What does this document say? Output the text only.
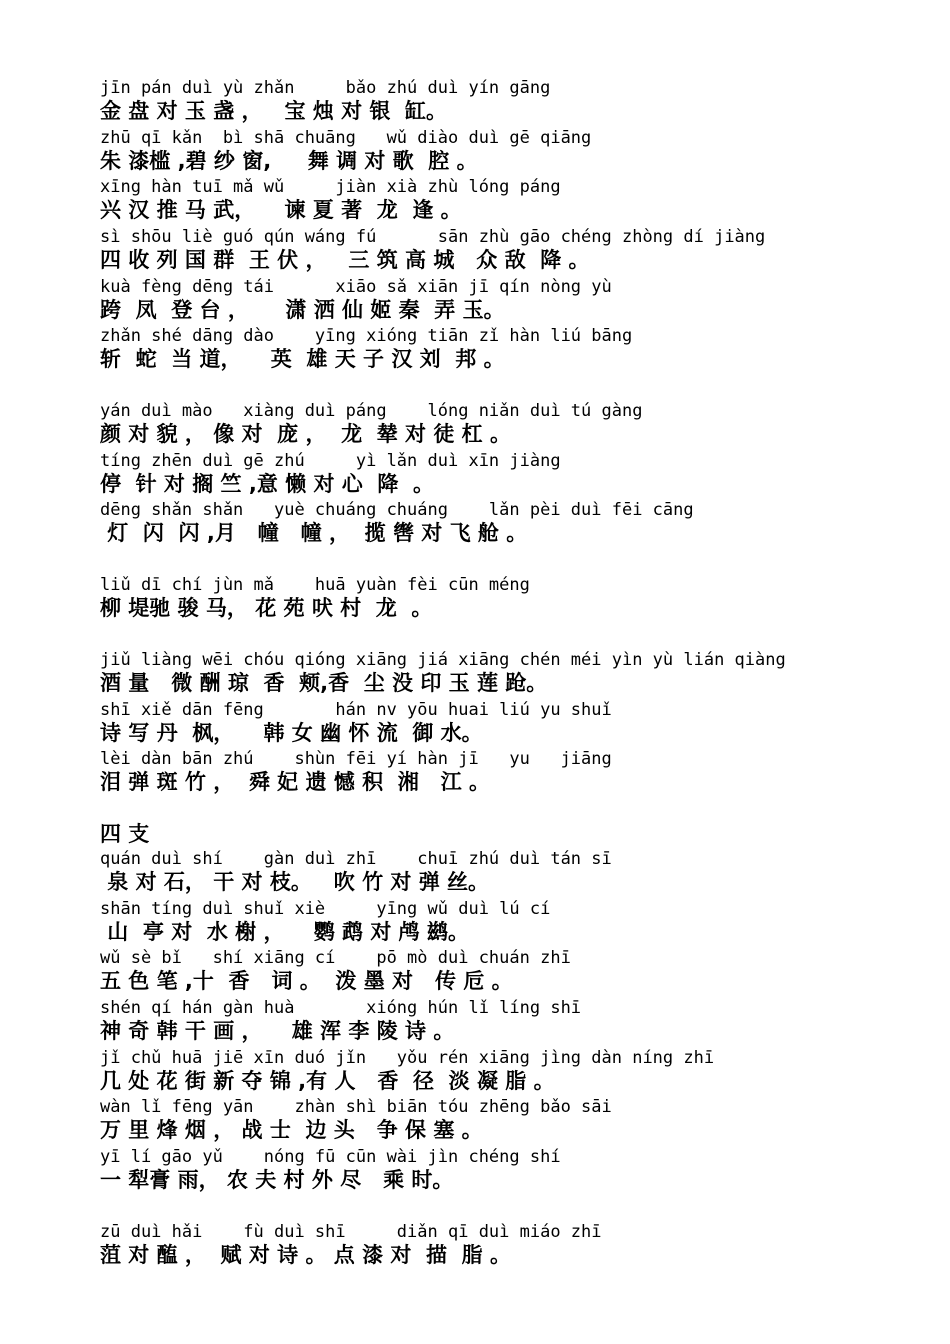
jīn pán duì yù zhǎn     bǎo zhú duì yín gāng
金 盘 对 玉 盏 ，   宝 烛 对 银  缸。
zhū qī kǎn  bì shā chuāng   wǔ diào duì gē qiāng
朱 漆槛 ,碧 纱 窗,     舞 调 对 歌  腔 。
xīng hàn tuī mǎ wǔ     jiàn xià zhù lóng páng
兴 汉 推 马 武，    谏 夏 著  龙  逢 。
sì shōu liè guó qún wáng fú      sān zhù gāo chéng zhòng dí jiàng
四 收 列 国 群  王 伏 ，   三 筑 高 城   众 敌  降 。
kuà fèng dēng tái      xiāo sǎ xiān jī qín nòng yù
跨  凤  登 台 ，     潇 洒 仙 姬 秦  弄 玉。
zhǎn shé dāng dào    yīng xióng tiān zǐ hàn liú bāng
斩  蛇  当 道，    英  雄 天 子 汉 刘  邦 。
yán duì mào   xiàng duì páng    lóng niǎn duì tú gàng
颜 对 貌 ， 像 对  庞 ，  龙  辇 对 徒 杠 。
tíng zhēn duì gē zhú     yì lǎn duì xīn jiàng
停  针 对 搁 竺 ,意 懒 对 心  降  。
dēng shǎn shǎn   yuè chuáng chuáng    lǎn pèi duì fēi cāng
灯  闪  闪 ,月   幢   幢 ，  揽 辔 对 飞 舱 。
liǔ dī chí jùn mǎ    huā yuàn fèi cūn méng
柳 堤驰 骏 马， 花 苑 吠 村  龙  。
jiǔ liàng wēi chóu qióng xiāng jiá xiāng chén méi yìn yù lián qiàng
酒 量   微 酬 琼  香  颊,香  尘 没 印 玉 莲 跄。
shī xiě dān fēng       hán nv yōu huai liú yu shuǐ
诗 写 丹  枫，    韩 女 幽 怀 流  御 水。
lèi dàn bān zhú    shùn fēi yí hàn jī   yu   jiāng
泪 弹 斑 竹 ，  舜 妃 遗 憾 积  湘   江 。
四 支
quán duì shí    gàn duì zhī    chuī zhú duì tán sī
泉 对 石， 干 对 枝。   吹 竹 对 弹 丝。
shān tíng duì shuǐ xiè     yīng wǔ duì lú cí
山  亭 对  水 榭 ，    鹦 鹉 对 鸬 鹚。
wǔ sè bǐ   shí xiāng cí    pō mò duì chuán zhī
五 色 笔 ,十  香   词 。  泼 墨 对   传 卮 。
shén qí hán gàn huà       xióng hún lǐ líng shī
神 奇 韩 干 画 ，    雄 浑 李 陵 诗 。
jǐ chǔ huā jiē xīn duó jǐn   yǒu rén xiāng jìng dàn níng zhī
几 处 花 街 新 夺 锦 ,有 人   香  径  淡 凝 脂 。
wàn lǐ fēng yān    zhàn shì biān tóu zhēng bǎo sāi
万 里 烽 烟 ， 战 士  边 头   争 保 塞 。
yī lí gāo yǔ    nóng fū cūn wài jìn chéng shí
一 犁膏 雨， 农 夫 村 外 尽   乘 时。
zū duì hǎi    fù duì shī     diǎn qī duì miáo zhī
菹 对 醢 ，  赋 对 诗 。 点 漆 对  描  脂 。
